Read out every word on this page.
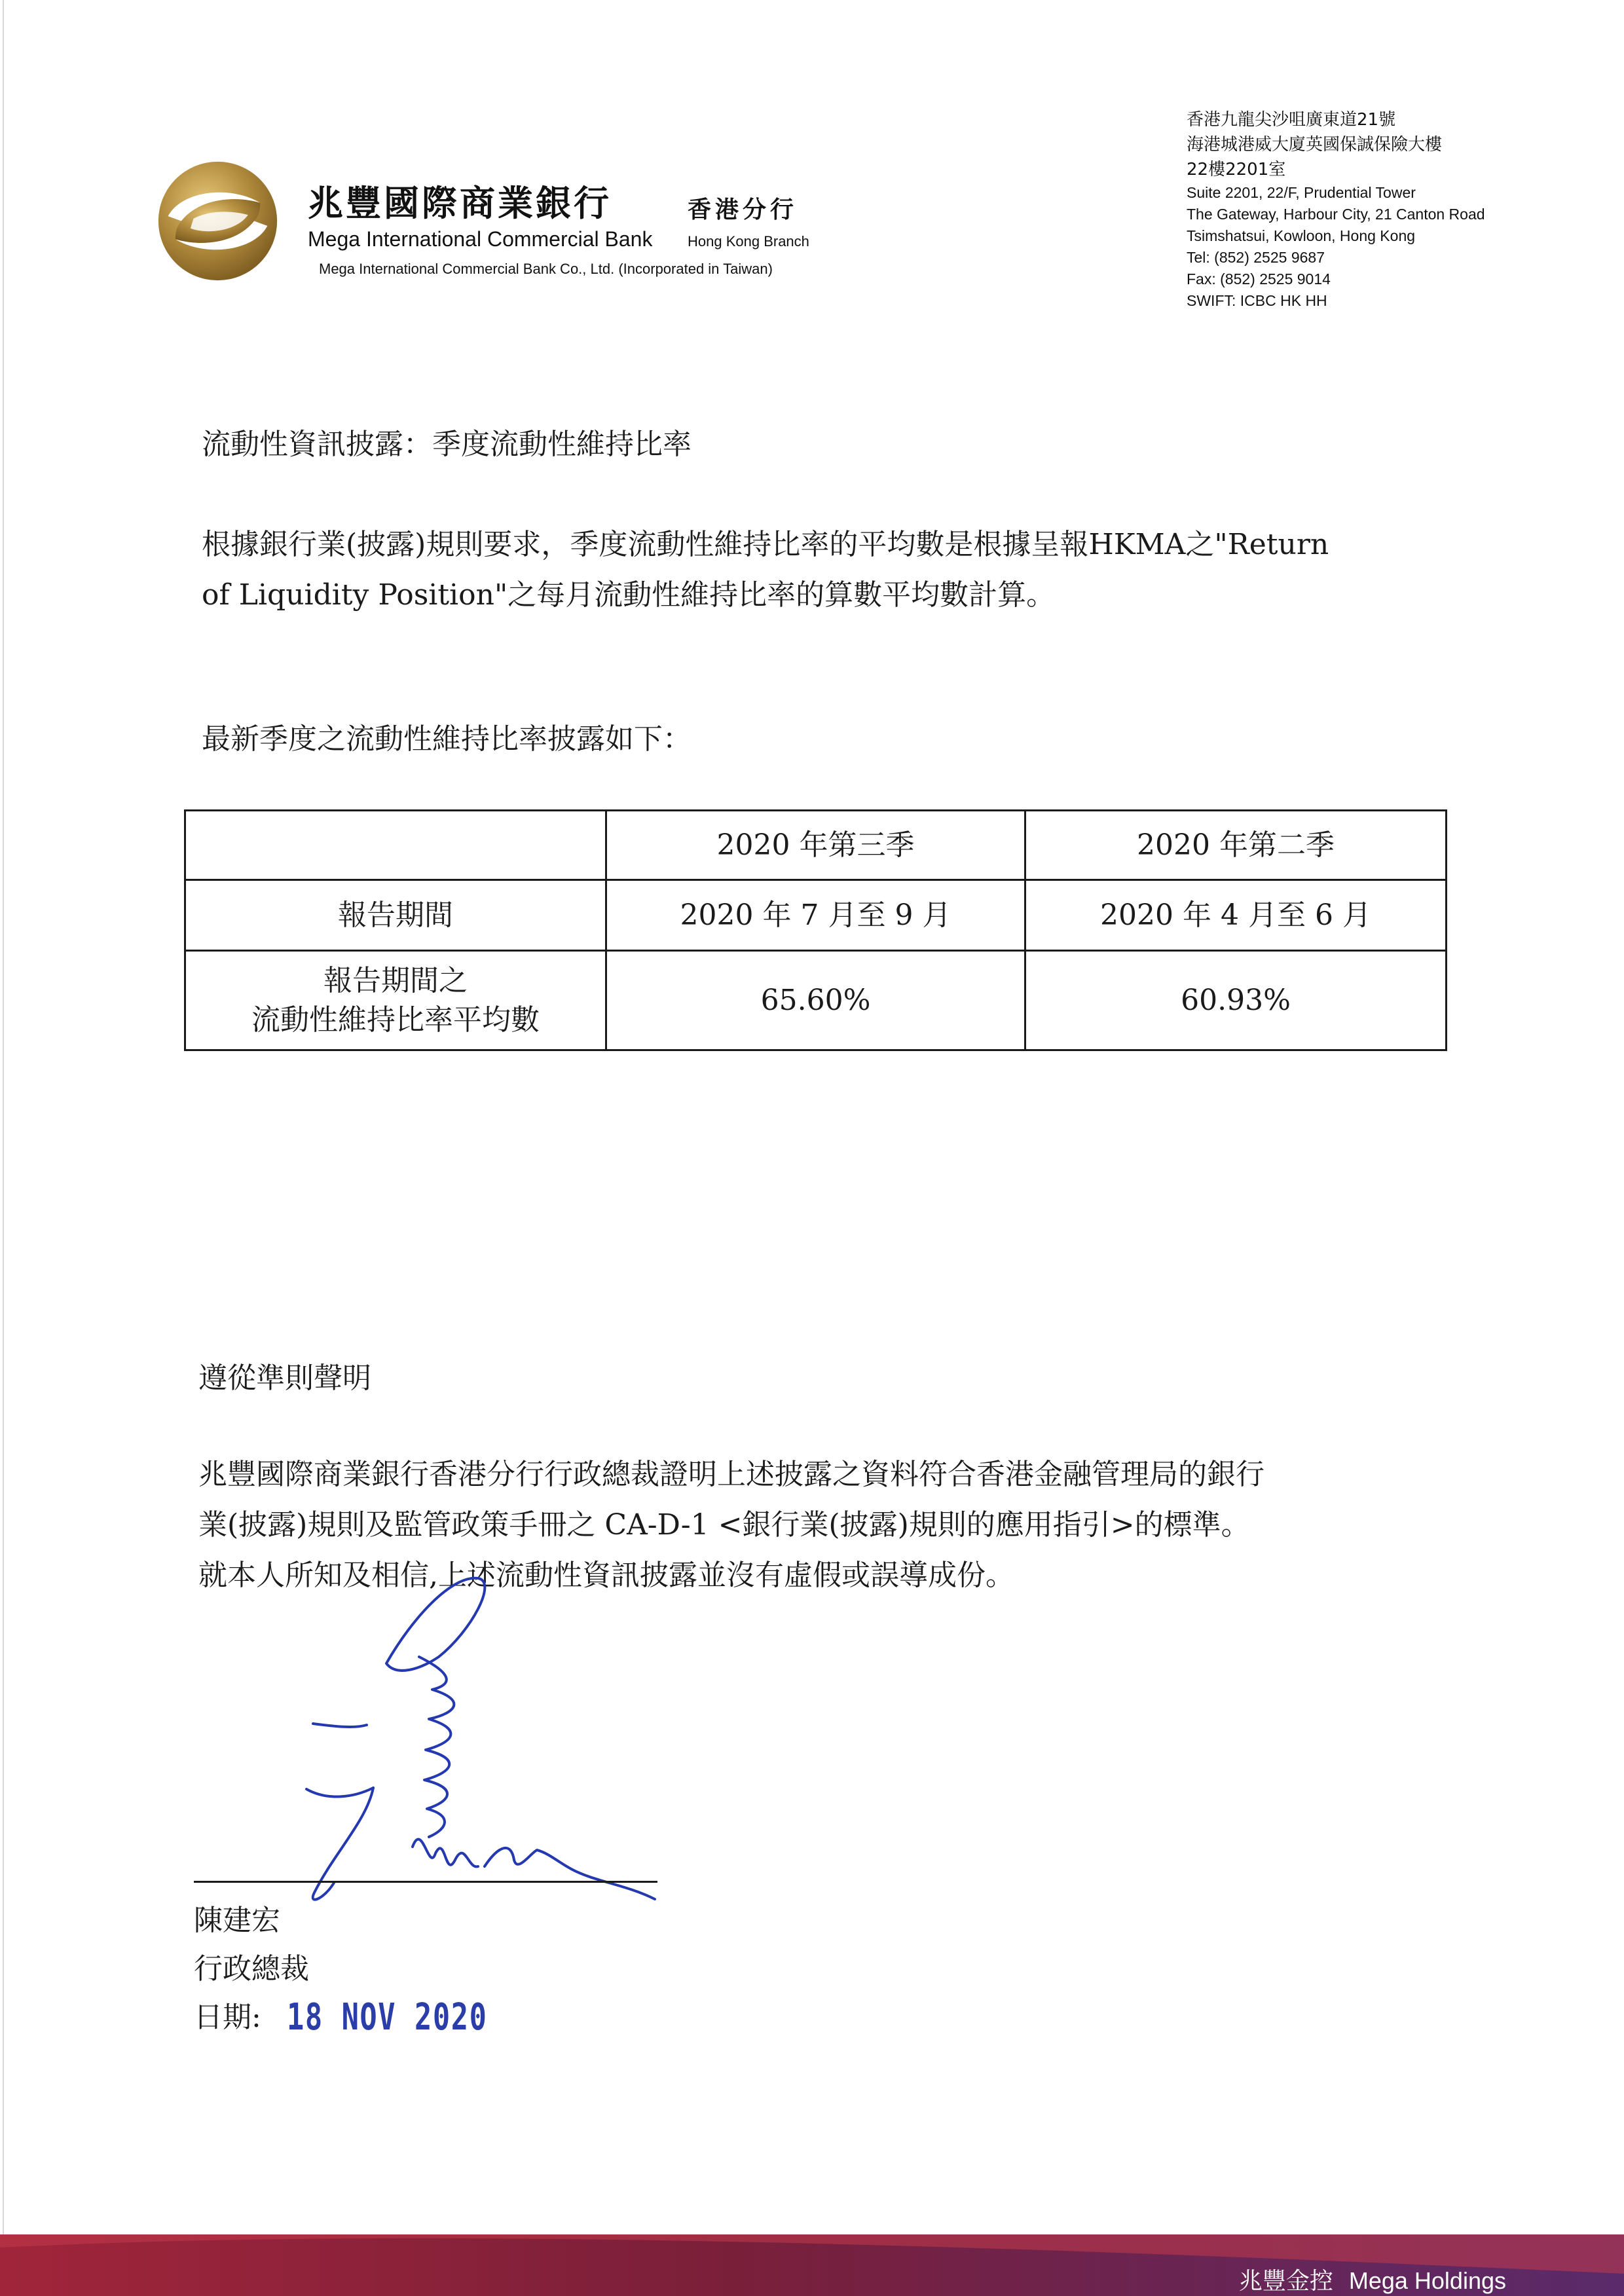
兆豐國際商業銀行	香港分行
Mega International Commercial Bank Hong Kong Branch
Mega International Commercial Bank Co., Ltd. (Incorporated in Taiwan)
香港九龍尖沙咀廣東道21號
海港城港威大廈英國保誠保險大樓
22樓2201室
Suite 2201, 22/F, Prudential Tower
The Gateway, Harbour City, 21 Canton Road
Tsimshatsui, Kowloon, Hong Kong
Tel: (852) 2525 9687
Fax: (852) 2525 9014
SWIFT: ICBC HK HH
流動性資訊披露：季度流動性維持比率
根據銀行業(披露)規則要求，季度流動性維持比率的平均數是根據呈報HKMA之"Return
of Liquidity Position"之每月流動性維持比率的算數平均數計算。
最新季度之流動性維持比率披露如下：
	2020 年第三季	2020 年第二季
報告期間	2020 年 7 月至 9 月	2020 年 4 月至 6 月

報告期間之
流動性維持比率平均數	65.60%	60.93%
遵從準則聲明
兆豐國際商業銀行香港分行行政總裁證明上述披露之資料符合香港金融管理局的銀行
業(披露)規則及監管政策手冊之 CA-D-1 <銀行業(披露)規則的應用指引>的標準。
就本人所知及相信,上述流動性資訊披露並沒有虛假或誤導成份。
陳建宏
行政總裁
日期: 18 NOV 2020
兆豐金控 Mega Holdings
